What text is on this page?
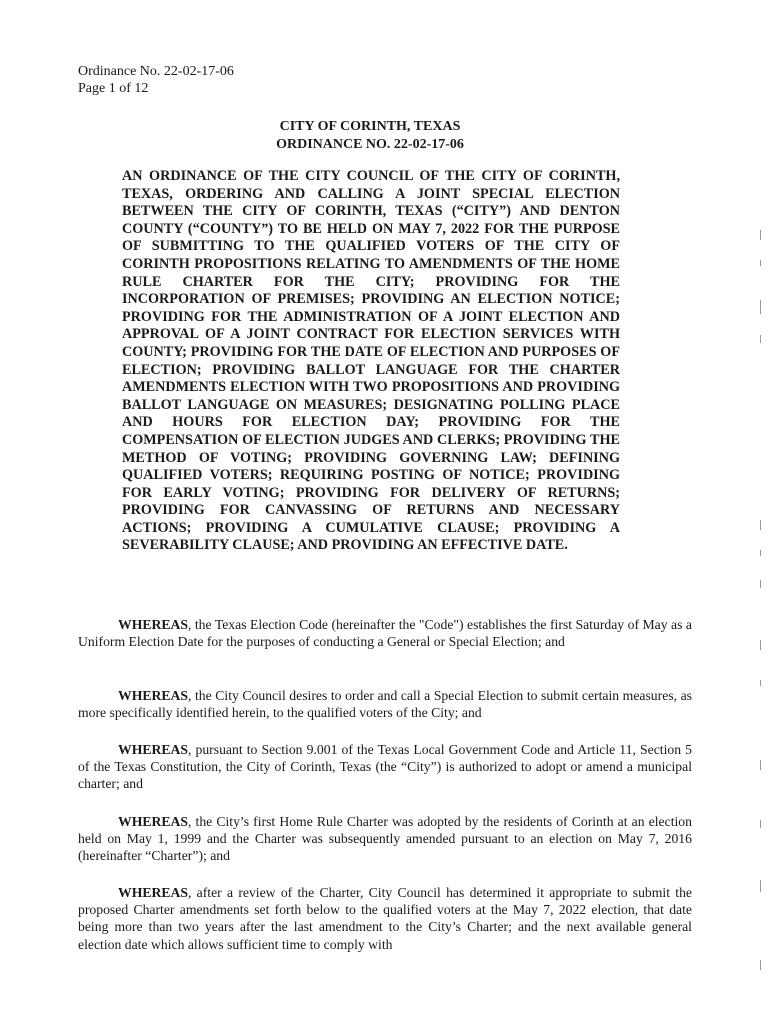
Ordinance No. 22-02-17-06
Page 1 of 12
CITY OF CORINTH, TEXAS
ORDINANCE NO. 22-02-17-06
AN ORDINANCE OF THE CITY COUNCIL OF THE CITY OF CORINTH, TEXAS, ORDERING AND CALLING A JOINT SPECIAL ELECTION BETWEEN THE CITY OF CORINTH, TEXAS (“CITY”) AND DENTON COUNTY (“COUNTY”) TO BE HELD ON MAY 7, 2022 FOR THE PURPOSE OF SUBMITTING TO THE QUALIFIED VOTERS OF THE CITY OF CORINTH PROPOSITIONS RELATING TO AMENDMENTS OF THE HOME RULE CHARTER FOR THE CITY; PROVIDING FOR THE INCORPORATION OF PREMISES; PROVIDING AN ELECTION NOTICE; PROVIDING FOR THE ADMINISTRATION OF A JOINT ELECTION AND APPROVAL OF A JOINT CONTRACT FOR ELECTION SERVICES WITH COUNTY; PROVIDING FOR THE DATE OF ELECTION AND PURPOSES OF ELECTION; PROVIDING BALLOT LANGUAGE FOR THE CHARTER AMENDMENTS ELECTION WITH TWO PROPOSITIONS AND PROVIDING BALLOT LANGUAGE ON MEASURES; DESIGNATING POLLING PLACE AND HOURS FOR ELECTION DAY; PROVIDING FOR THE COMPENSATION OF ELECTION JUDGES AND CLERKS; PROVIDING THE METHOD OF VOTING; PROVIDING GOVERNING LAW; DEFINING QUALIFIED VOTERS; REQUIRING POSTING OF NOTICE; PROVIDING FOR EARLY VOTING; PROVIDING FOR DELIVERY OF RETURNS; PROVIDING FOR CANVASSING OF RETURNS AND NECESSARY ACTIONS; PROVIDING A CUMULATIVE CLAUSE; PROVIDING A SEVERABILITY CLAUSE; AND PROVIDING AN EFFECTIVE DATE.
WHEREAS, the Texas Election Code (hereinafter the "Code") establishes the first Saturday of May as a Uniform Election Date for the purposes of conducting a General or Special Election; and
WHEREAS, the City Council desires to order and call a Special Election to submit certain measures, as more specifically identified herein, to the qualified voters of the City; and
WHEREAS, pursuant to Section 9.001 of the Texas Local Government Code and Article 11, Section 5 of the Texas Constitution, the City of Corinth, Texas (the “City”) is authorized to adopt or amend a municipal charter; and
WHEREAS, the City’s first Home Rule Charter was adopted by the residents of Corinth at an election held on May 1, 1999 and the Charter was subsequently amended pursuant to an election on May 7, 2016 (hereinafter “Charter”); and
WHEREAS, after a review of the Charter, City Council has determined it appropriate to submit the proposed Charter amendments set forth below to the qualified voters at the May 7, 2022 election, that date being more than two years after the last amendment to the City’s Charter; and the next available general election date which allows sufficient time to comply with
